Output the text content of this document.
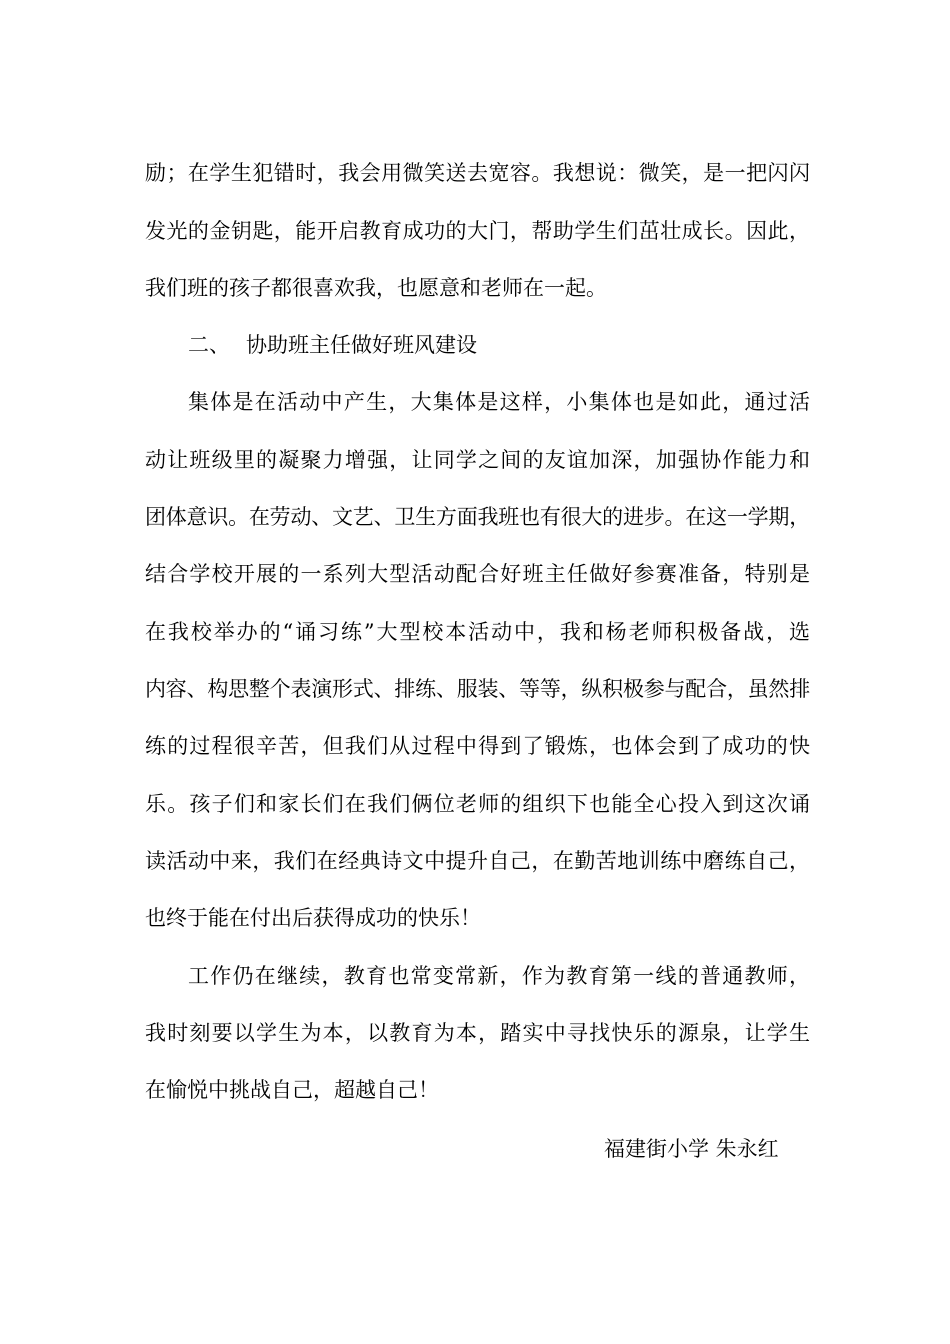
励；在学生犯错时，我会用微笑送去宽容。我想说：微笑，是一把闪闪
发光的金钥匙，能开启教育成功的大门，帮助学生们茁壮成长。因此，
我们班的孩子都很喜欢我，也愿意和老师在一起。
二、 协助班主任做好班风建设
集体是在活动中产生，大集体是这样，小集体也是如此，通过活
动让班级里的凝聚力增强，让同学之间的友谊加深，加强协作能力和
团体意识。在劳动、文艺、卫生方面我班也有很大的进步。在这一学期，
结合学校开展的一系列大型活动配合好班主任做好参赛准备，特别是
在我校举办的“诵习练”大型校本活动中，我和杨老师积极备战，选
内容、构思整个表演形式、排练、服装、等等，纵积极参与配合，虽然排
练的过程很辛苦，但我们从过程中得到了锻炼，也体会到了成功的快
乐。孩子们和家长们在我们俩位老师的组织下也能全心投入到这次诵
读活动中来，我们在经典诗文中提升自己，在勤苦地训练中磨练自己，
也终于能在付出后获得成功的快乐！
工作仍在继续，教育也常变常新，作为教育第一线的普通教师，
我时刻要以学生为本，以教育为本，踏实中寻找快乐的源泉，让学生
在愉悦中挑战自己，超越自己！
福建街小学 朱永红
